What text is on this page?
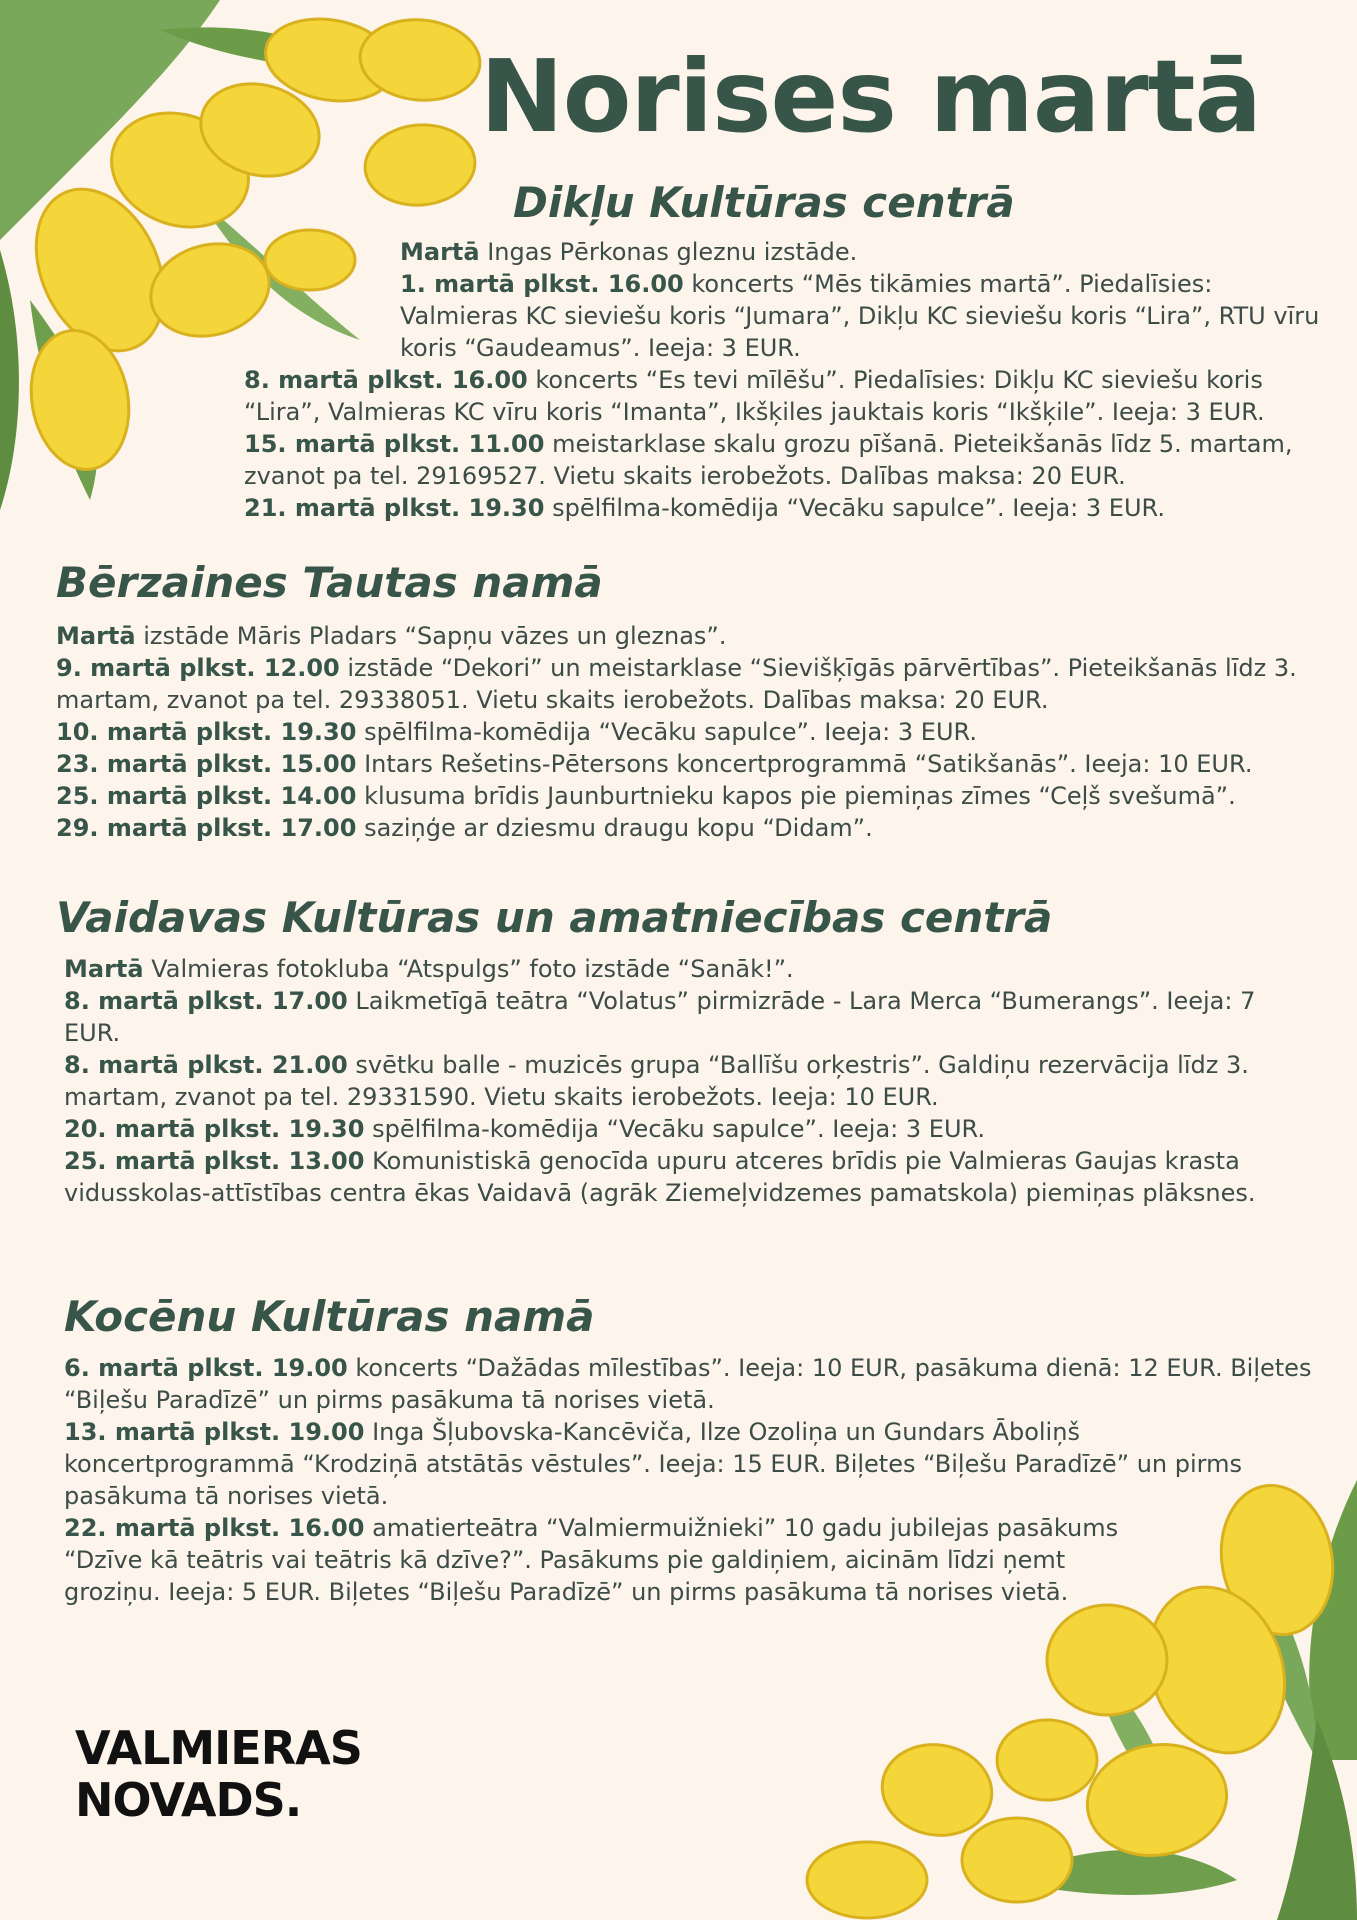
Norises martā
Dikļu Kultūras centrā

Martā Ingas Pērkonas gleznu izstāde.

1. martā plkst. 16.00 koncerts “Mēs tikāmies martā”. Piedalīsies: Valmieras KC sieviešu koris “Jumara”, Dikļu KC sieviešu koris “Lira”, RTU vīru koris “Gaudeamus”. Ieeja: 3 EUR.

8. martā plkst. 16.00 koncerts “Es tevi mīlēšu”. Piedalīsies: Dikļu KC sieviešu koris “Lira”, Valmieras KC vīru koris “Imanta”, Ikšķiles jauktais koris “Ikšķile”. Ieeja: 3 EUR.

15. martā plkst. 11.00 meistarklase skalu grozu pīšanā. Pieteikšanās līdz 5. martam, zvanot pa tel. 29169527. Vietu skaits ierobežots. Dalības maksa: 20 EUR.

21. martā plkst. 19.30 spēlfilma-komēdija “Vecāku sapulce”. Ieeja: 3 EUR.

Bērzaines Tautas namā

Martā izstāde Māris Pladars “Sapņu vāzes un gleznas”.

9. martā plkst. 12.00 izstāde “Dekori” un meistarklase “Sievišķīgās pārvērtības”. Pieteikšanās līdz 3. martam, zvanot pa tel. 29338051. Vietu skaits ierobežots. Dalības maksa: 20 EUR.

10. martā plkst. 19.30 spēlfilma-komēdija “Vecāku sapulce”. Ieeja: 3 EUR.

23. martā plkst. 15.00 Intars Rešetins-Pētersons koncertprogrammā “Satikšanās”. Ieeja: 10 EUR.

25. martā plkst. 14.00 klusuma brīdis Jaunburtnieku kapos pie piemiņas zīmes “Ceļš svešumā”.

29. martā plkst. 17.00 saziņģe ar dziesmu draugu kopu “Didam”.

Vaidavas Kultūras un amatniecības centrā

Martā Valmieras fotokluba “Atspulgs” foto izstāde “Sanāk!”.

8. martā plkst. 17.00 Laikmetīgā teātra “Volatus” pirmizrāde - Lara Merca “Bumerangs”. Ieeja: 7 EUR.

8. martā plkst. 21.00 svētku balle - muzicēs grupa “Ballīšu orķestris”. Galdiņu rezervācija līdz 3. martam, zvanot pa tel. 29331590. Vietu skaits ierobežots. Ieeja: 10 EUR.

20. martā plkst. 19.30 spēlfilma-komēdija “Vecāku sapulce”. Ieeja: 3 EUR.

25. martā plkst. 13.00 Komunistiskā genocīda upuru atceres brīdis pie Valmieras Gaujas krasta vidusskolas-attīstības centra ēkas Vaidavā (agrāk Ziemeļvidzemes pamatskola) piemiņas plāksnes.

Kocēnu Kultūras namā

6. martā plkst. 19.00 koncerts “Dažādas mīlestības”. Ieeja: 10 EUR, pasākuma dienā: 12 EUR. Biļetes “Biļešu Paradīzē” un pirms pasākuma tā norises vietā.

13. martā plkst. 19.00 Inga Šļubovska-Kancēviča, Ilze Ozoliņa un Gundars Āboliņš koncertprogrammā “Krodziņā atstātās vēstules”. Ieeja: 15 EUR. Biļetes “Biļešu Paradīzē” un pirms pasākuma tā norises vietā.

22. martā plkst. 16.00 amatierteātra “Valmiermuižnieki” 10 gadu jubilejas pasākums “Dzīve kā teātris vai teātris kā dzīve?”. Pasākums pie galdiņiem, aicinām līdzi ņemt groziņu. Ieeja: 5 EUR. Biļetes “Biļešu Paradīzē” un pirms pasākuma tā norises vietā.

VALMIERAS
NOVADS.
